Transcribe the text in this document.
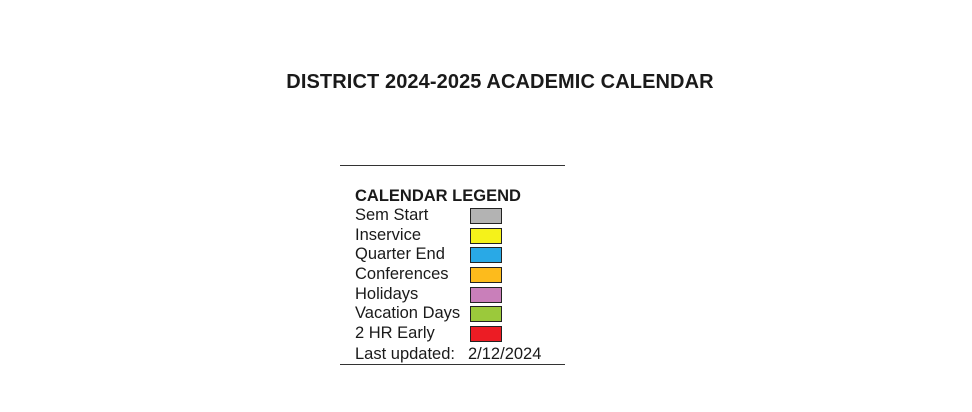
DISTRICT 2024-2025 ACADEMIC CALENDAR
CALENDAR LEGEND
Sem Start
Inservice
Quarter End
Conferences
Holidays
Vacation Days
2 HR Early
Last updated: 2/12/2024
